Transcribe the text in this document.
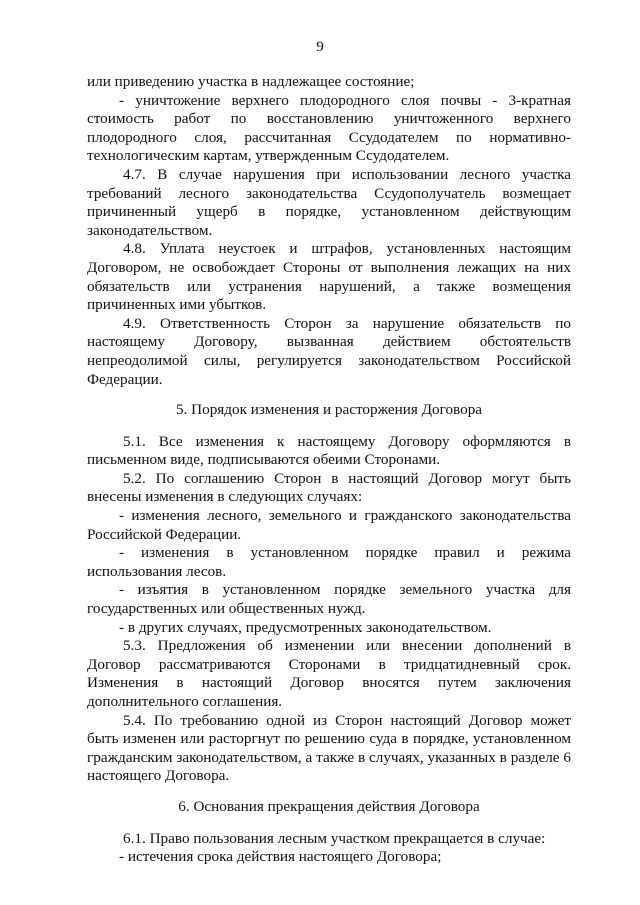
9

или приведению участка в надлежащее состояние;

- уничтожение верхнего плодородного слоя почвы - 3-кратная стоимость работ по восстановлению уничтоженного верхнего плодородного слоя, рассчитанная Ссудодателем по нормативно-технологическим картам, утвержденным Ссудодателем.

4.7. В случае нарушения при использовании лесного участка требований лесного законодательства Ссудополучатель возмещает причиненный ущерб в порядке, установленном действующим законодательством.

4.8. Уплата неустоек и штрафов, установленных настоящим Договором, не освобождает Стороны от выполнения лежащих на них обязательств или устранения нарушений, а также возмещения причиненных ими убытков.

4.9. Ответственность Сторон за нарушение обязательств по настоящему Договору, вызванная действием обстоятельств непреодолимой силы, регулируется законодательством Российской Федерации.

5. Порядок изменения и расторжения Договора

5.1. Все изменения к настоящему Договору оформляются в письменном виде, подписываются обеими Сторонами.

5.2. По соглашению Сторон в настоящий Договор могут быть внесены изменения в следующих случаях:

- изменения лесного, земельного и гражданского законодательства Российской Федерации.

- изменения в установленном порядке правил и режима использования лесов.

- изъятия в установленном порядке земельного участка для государственных или общественных нужд.

- в других случаях, предусмотренных законодательством.

5.3. Предложения об изменении или внесении дополнений в Договор рассматриваются Сторонами в тридцатидневный срок. Изменения в настоящий Договор вносятся путем заключения дополнительного соглашения.

5.4. По требованию одной из Сторон настоящий Договор может быть изменен или расторгнут по решению суда в порядке, установленном гражданским законодательством, а также в случаях, указанных в разделе 6 настоящего Договора.

6. Основания прекращения действия Договора

6.1. Право пользования лесным участком прекращается в случае:

- истечения срока действия настоящего Договора;
